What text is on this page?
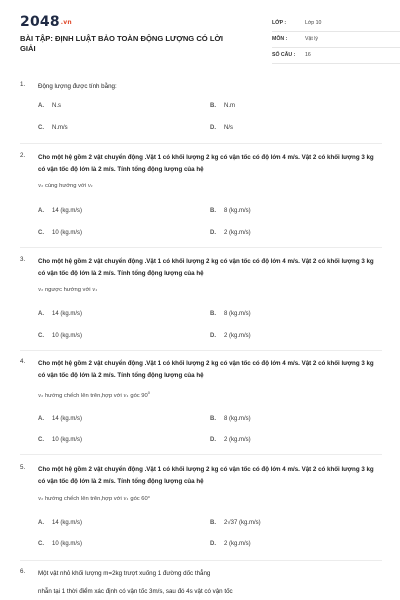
2048.vn
BÀI TẬP: ĐỊNH LUẬT BẢO TOÀN ĐỘNG LƯỢNG CÓ LỜI GIẢI
LỚP :	Lớp 10
MÔN :	Vật lý
SỐ CÂU : 16
1. Động lượng được tính bằng:
A. N.s	B. N.m
C. N.m/s	D. N/s
2. Cho một hệ gồm 2 vật chuyển động .Vật 1 có khối lượng 2 kg có vận tốc có độ lớn 4 m/s. Vật 2 có khối lượng 3 kg có vận tốc độ lớn là 2 m/s. Tính tổng động lượng của hệ
v₂ cùng hướng với v₁
A. 14 (kg.m/s)	B. 8 (kg.m/s)
C. 10 (kg.m/s)	D. 2 (kg.m/s)
3. Cho một hệ gồm 2 vật chuyển động .Vật 1 có khối lượng 2 kg có vận tốc có độ lớn 4 m/s. Vật 2 có khối lượng 3 kg có vận tốc độ lớn là 2 m/s. Tính tổng động lượng của hệ
v₂ ngược hướng với v₁
A. 14 (kg.m/s)	B. 8 (kg.m/s)
C. 10 (kg.m/s)	D. 2 (kg.m/s)
4. Cho một hệ gồm 2 vật chuyển động .Vật 1 có khối lượng 2 kg có vận tốc có độ lớn 4 m/s. Vật 2 có khối lượng 3 kg có vận tốc độ lớn là 2 m/s. Tính tổng động lượng của hệ
v₂ hướng chếch lên trên,hợp với v₁ góc $90^0$
A. 14 (kg.m/s)	B. 8 (kg.m/s)
C. 10 (kg.m/s)	D. 2 (kg.m/s)
5. Cho một hệ gồm 2 vật chuyển động .Vật 1 có khối lượng 2 kg có vận tốc có độ lớn 4 m/s. Vật 2 có khối lượng 3 kg có vận tốc độ lớn là 2 m/s. Tính tổng động lượng của hệ
v₂ hướng chếch lên trên,hợp với v₁ góc 60°
A. 14 (kg.m/s)	B. 2√37 (kg.m/s)
C. 10 (kg.m/s)	D. 2 (kg.m/s)
6. Một vật nhỏ khối lượng m=2kg trượt xuống 1 đường dốc thẳng
nhẵn tại 1 thời điểm xác định có vận tốc 3m/s, sau đó 4s vật có vận tốc
